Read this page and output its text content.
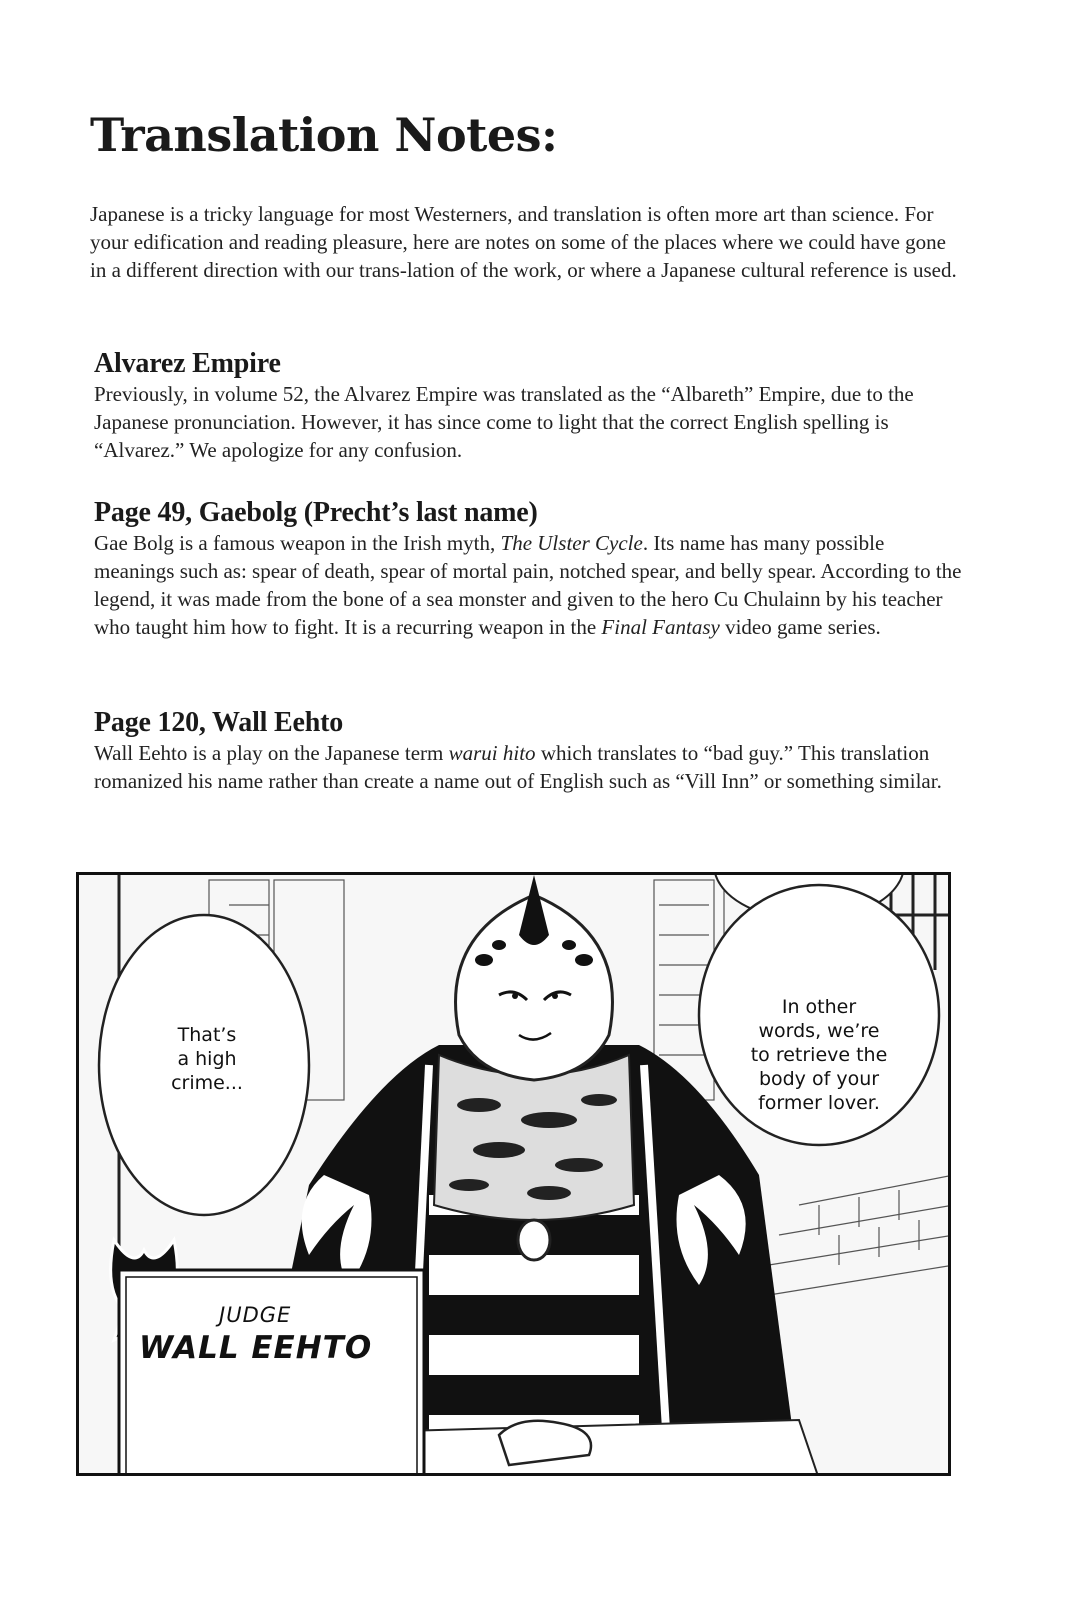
Translation Notes:

Japanese is a tricky language for most Westerners, and translation is often more art than science. For your edification and reading pleasure, here are notes on some of the places where we could have gone in a different direction with our trans-lation of the work, or where a Japanese cultural reference is used.

Alvarez Empire

Previously, in volume 52, the Alvarez Empire was translated as the “Albareth” Empire, due to the Japanese pronunciation. However, it has since come to light that the correct English spelling is “Alvarez.” We apologize for any confusion.

Page 49, Gaebolg (Precht’s last name)

Gae Bolg is a famous weapon in the Irish myth, The Ulster Cycle. Its name has many possible meanings such as: spear of death, spear of mortal pain, notched spear, and belly spear. According to the legend, it was made from the bone of a sea monster and given to the hero Cu Chulainn by his teacher who taught him how to fight. It is a recurring weapon in the Final Fantasy video game series.

Page 120, Wall Eehto

Wall Eehto is a play on the Japanese term warui hito which translates to “bad guy.” This translation romanized his name rather than create a name out of English such as “Vill Inn” or something similar.

That’s
a high
crime...
In other
words, we’re
to retrieve the
body of your
former lover.
JUDGE
WALL EEHTO
